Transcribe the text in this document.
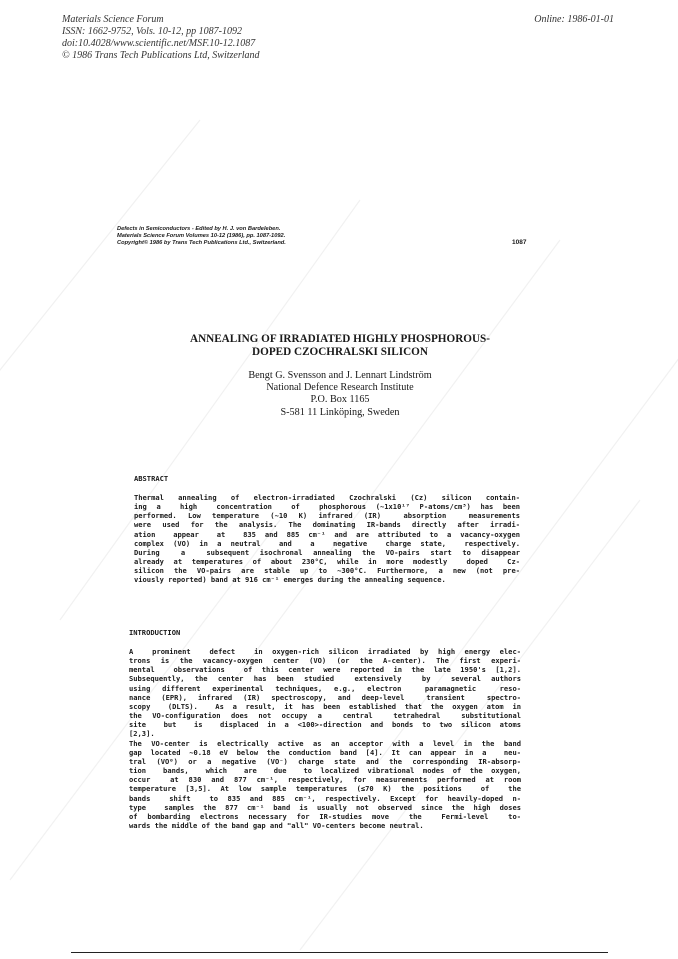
Materials Science Forum
ISSN: 1662-9752, Vols. 10-12, pp 1087-1092
doi:10.4028/www.scientific.net/MSF.10-12.1087
© 1986 Trans Tech Publications Ltd, Switzerland
Online: 1986-01-01
Defects in Semiconductors - Edited by H. J. von Bardeleben.
Materials Science Forum Volumes 10-12 (1986), pp. 1087-1092.
Copyright© 1986 by Trans Tech Publications Ltd., Switzerland.	1087
ANNEALING OF IRRADIATED HIGHLY PHOSPHOROUS-
DOPED CZOCHRALSKI SILICON
Bengt G. Svensson and J. Lennart Lindström
National Defence Research Institute
P.O. Box 1165
S-581 11 Linköping, Sweden
ABSTRACT
Thermal annealing of electron-irradiated Czochralski (Cz) silicon contain-
ing a  high  concentration  of  phosphorous (~1x10¹⁷ P-atoms/cm³) has been
performed. Low temperature (~10 K) infrared (IR)  absorption  measurements
were used for the analysis. The dominating IR-bands directly after irradi-
ation  appear  at  835 and 885 cm⁻¹ and are attributed to a vacancy-oxygen
complex (VO) in a neutral  and  a  negative  charge state,  respectively.
During  a  subsequent isochronal annealing the VO-pairs start to disappear
already at temperatures of about 230°C, while in more modestly  doped  Cz-
silicon the VO-pairs are stable up to ~300°C. Furthermore, a new (not pre-
viously reported) band at 916 cm⁻¹ emerges during the annealing sequence.
INTRODUCTION
A  prominent  defect  in oxygen-rich silicon irradiated by high energy elec-
trons is the vacancy-oxygen center (VO) (or the A-center). The first experi-
mental  observations  of this center were reported in the late 1950's [1,2].
Subsequently, the center has been studied  extensively  by  several authors
using different experimental techniques, e.g., electron  paramagnetic  reso-
nance (EPR), infrared (IR) spectroscopy, and deep-level  transient  spectro-
scopy  (DLTS).  As a result, it has been established that the oxygen atom in
the VO-configuration does not occupy a  central  tetrahedral  substitutional
site  but  is  displaced in a <100>-direction and bonds to two silicon atoms
[2,3].
The VO-center is electrically active as an acceptor with a level in the band
gap located ~0.18 eV below the conduction band [4]. It can appear in a  neu-
tral (VO⁰) or a negative (VO⁻) charge state and the corresponding IR-absorp-
tion  bands,  which  are  due  to localized vibrational modes of the oxygen,
occur  at 830 and 877 cm⁻¹, respectively, for measurements performed at room
temperature [3,5]. At low sample temperatures (≤70 K) the positions  of  the
bands  shift  to 835 and 885 cm⁻¹, respectively. Except for heavily-doped n-
type  samples the 877 cm⁻¹ band is usually not observed since the high doses
of bombarding electrons necessary for IR-studies move  the  Fermi-level  to-
wards the middle of the band gap and "all" VO-centers become neutral.
